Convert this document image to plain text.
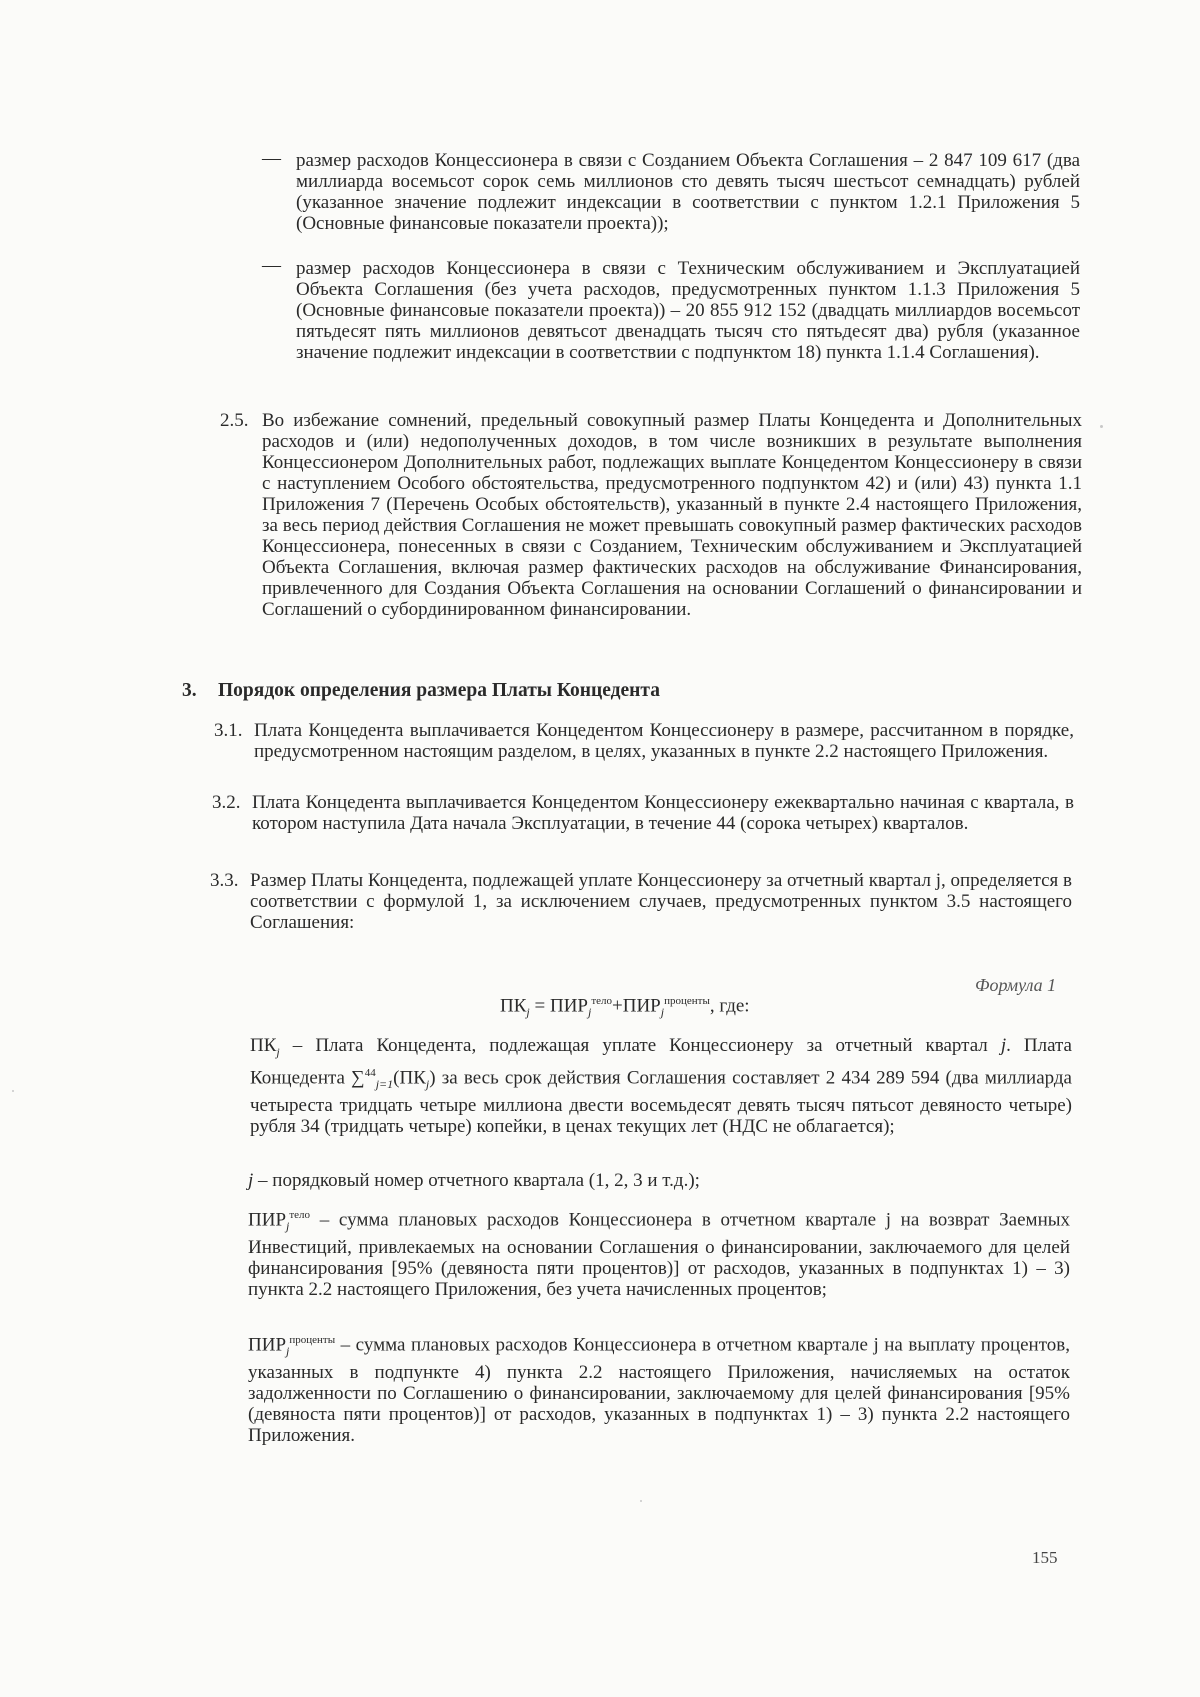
— размер расходов Концессионера в связи с Созданием Объекта Соглашения – 2 847 109 617 (два миллиарда восемьсот сорок семь миллионов сто девять тысяч шестьсот семнадцать) рублей (указанное значение подлежит индексации в соответствии с пунктом 1.2.1 Приложения 5 (Основные финансовые показатели проекта));
— размер расходов Концессионера в связи с Техническим обслуживанием и Эксплуатацией Объекта Соглашения (без учета расходов, предусмотренных пунктом 1.1.3 Приложения 5 (Основные финансовые показатели проекта)) – 20 855 912 152 (двадцать миллиардов восемьсот пятьдесят пять миллионов девятьсот двенадцать тысяч сто пятьдесят два) рубля (указанное значение подлежит индексации в соответствии с подпунктом 18) пункта 1.1.4 Соглашения).
2.5. Во избежание сомнений, предельный совокупный размер Платы Концедента и Дополнительных расходов и (или) недополученных доходов, в том числе возникших в результате выполнения Концессионером Дополнительных работ, подлежащих выплате Концедентом Концессионеру в связи с наступлением Особого обстоятельства, предусмотренного подпунктом 42) и (или) 43) пункта 1.1 Приложения 7 (Перечень Особых обстоятельств), указанный в пункте 2.4 настоящего Приложения, за весь период действия Соглашения не может превышать совокупный размер фактических расходов Концессионера, понесенных в связи с Созданием, Техническим обслуживанием и Эксплуатацией Объекта Соглашения, включая размер фактических расходов на обслуживание Финансирования, привлеченного для Создания Объекта Соглашения на основании Соглашений о финансировании и Соглашений о субординированном финансировании.
3. Порядок определения размера Платы Концедента
3.1. Плата Концедента выплачивается Концедентом Концессионеру в размере, рассчитанном в порядке, предусмотренном настоящим разделом, в целях, указанных в пункте 2.2 настоящего Приложения.
3.2. Плата Концедента выплачивается Концедентом Концессионеру ежеквартально начиная с квартала, в котором наступила Дата начала Эксплуатации, в течение 44 (сорока четырех) кварталов.
3.3. Размер Платы Концедента, подлежащей уплате Концессионеру за отчетный квартал j, определяется в соответствии с формулой 1, за исключением случаев, предусмотренных пунктом 3.5 настоящего Соглашения:
Формула 1
$ПК_j = ПИР_j^{тело}+ПИР_j^{проценты}$, где:
$ПК_j$ – Плата Концедента, подлежащая уплате Концессионеру за отчетный квартал j. Плата Концедента $\sum^{44}_{j=1}(ПК_j)$ за весь срок действия Соглашения составляет 2 434 289 594 (два миллиарда четыреста тридцать четыре миллиона двести восемьдесят девять тысяч пятьсот девяносто четыре) рубля 34 (тридцать четыре) копейки, в ценах текущих лет (НДС не облагается);
j – порядковый номер отчетного квартала (1, 2, 3 и т.д.);
$ПИР_j^{тело}$ – сумма плановых расходов Концессионера в отчетном квартале j на возврат Заемных Инвестиций, привлекаемых на основании Соглашения о финансировании, заключаемого для целей финансирования [95% (девяноста пяти процентов)] от расходов, указанных в подпунктах 1) – 3) пункта 2.2 настоящего Приложения, без учета начисленных процентов;
$ПИР_j^{проценты}$ – сумма плановых расходов Концессионера в отчетном квартале j на выплату процентов, указанных в подпункте 4) пункта 2.2 настоящего Приложения, начисляемых на остаток задолженности по Соглашению о финансировании, заключаемому для целей финансирования [95% (девяноста пяти процентов)] от расходов, указанных в подпунктах 1) – 3) пункта 2.2 настоящего Приложения.
155
